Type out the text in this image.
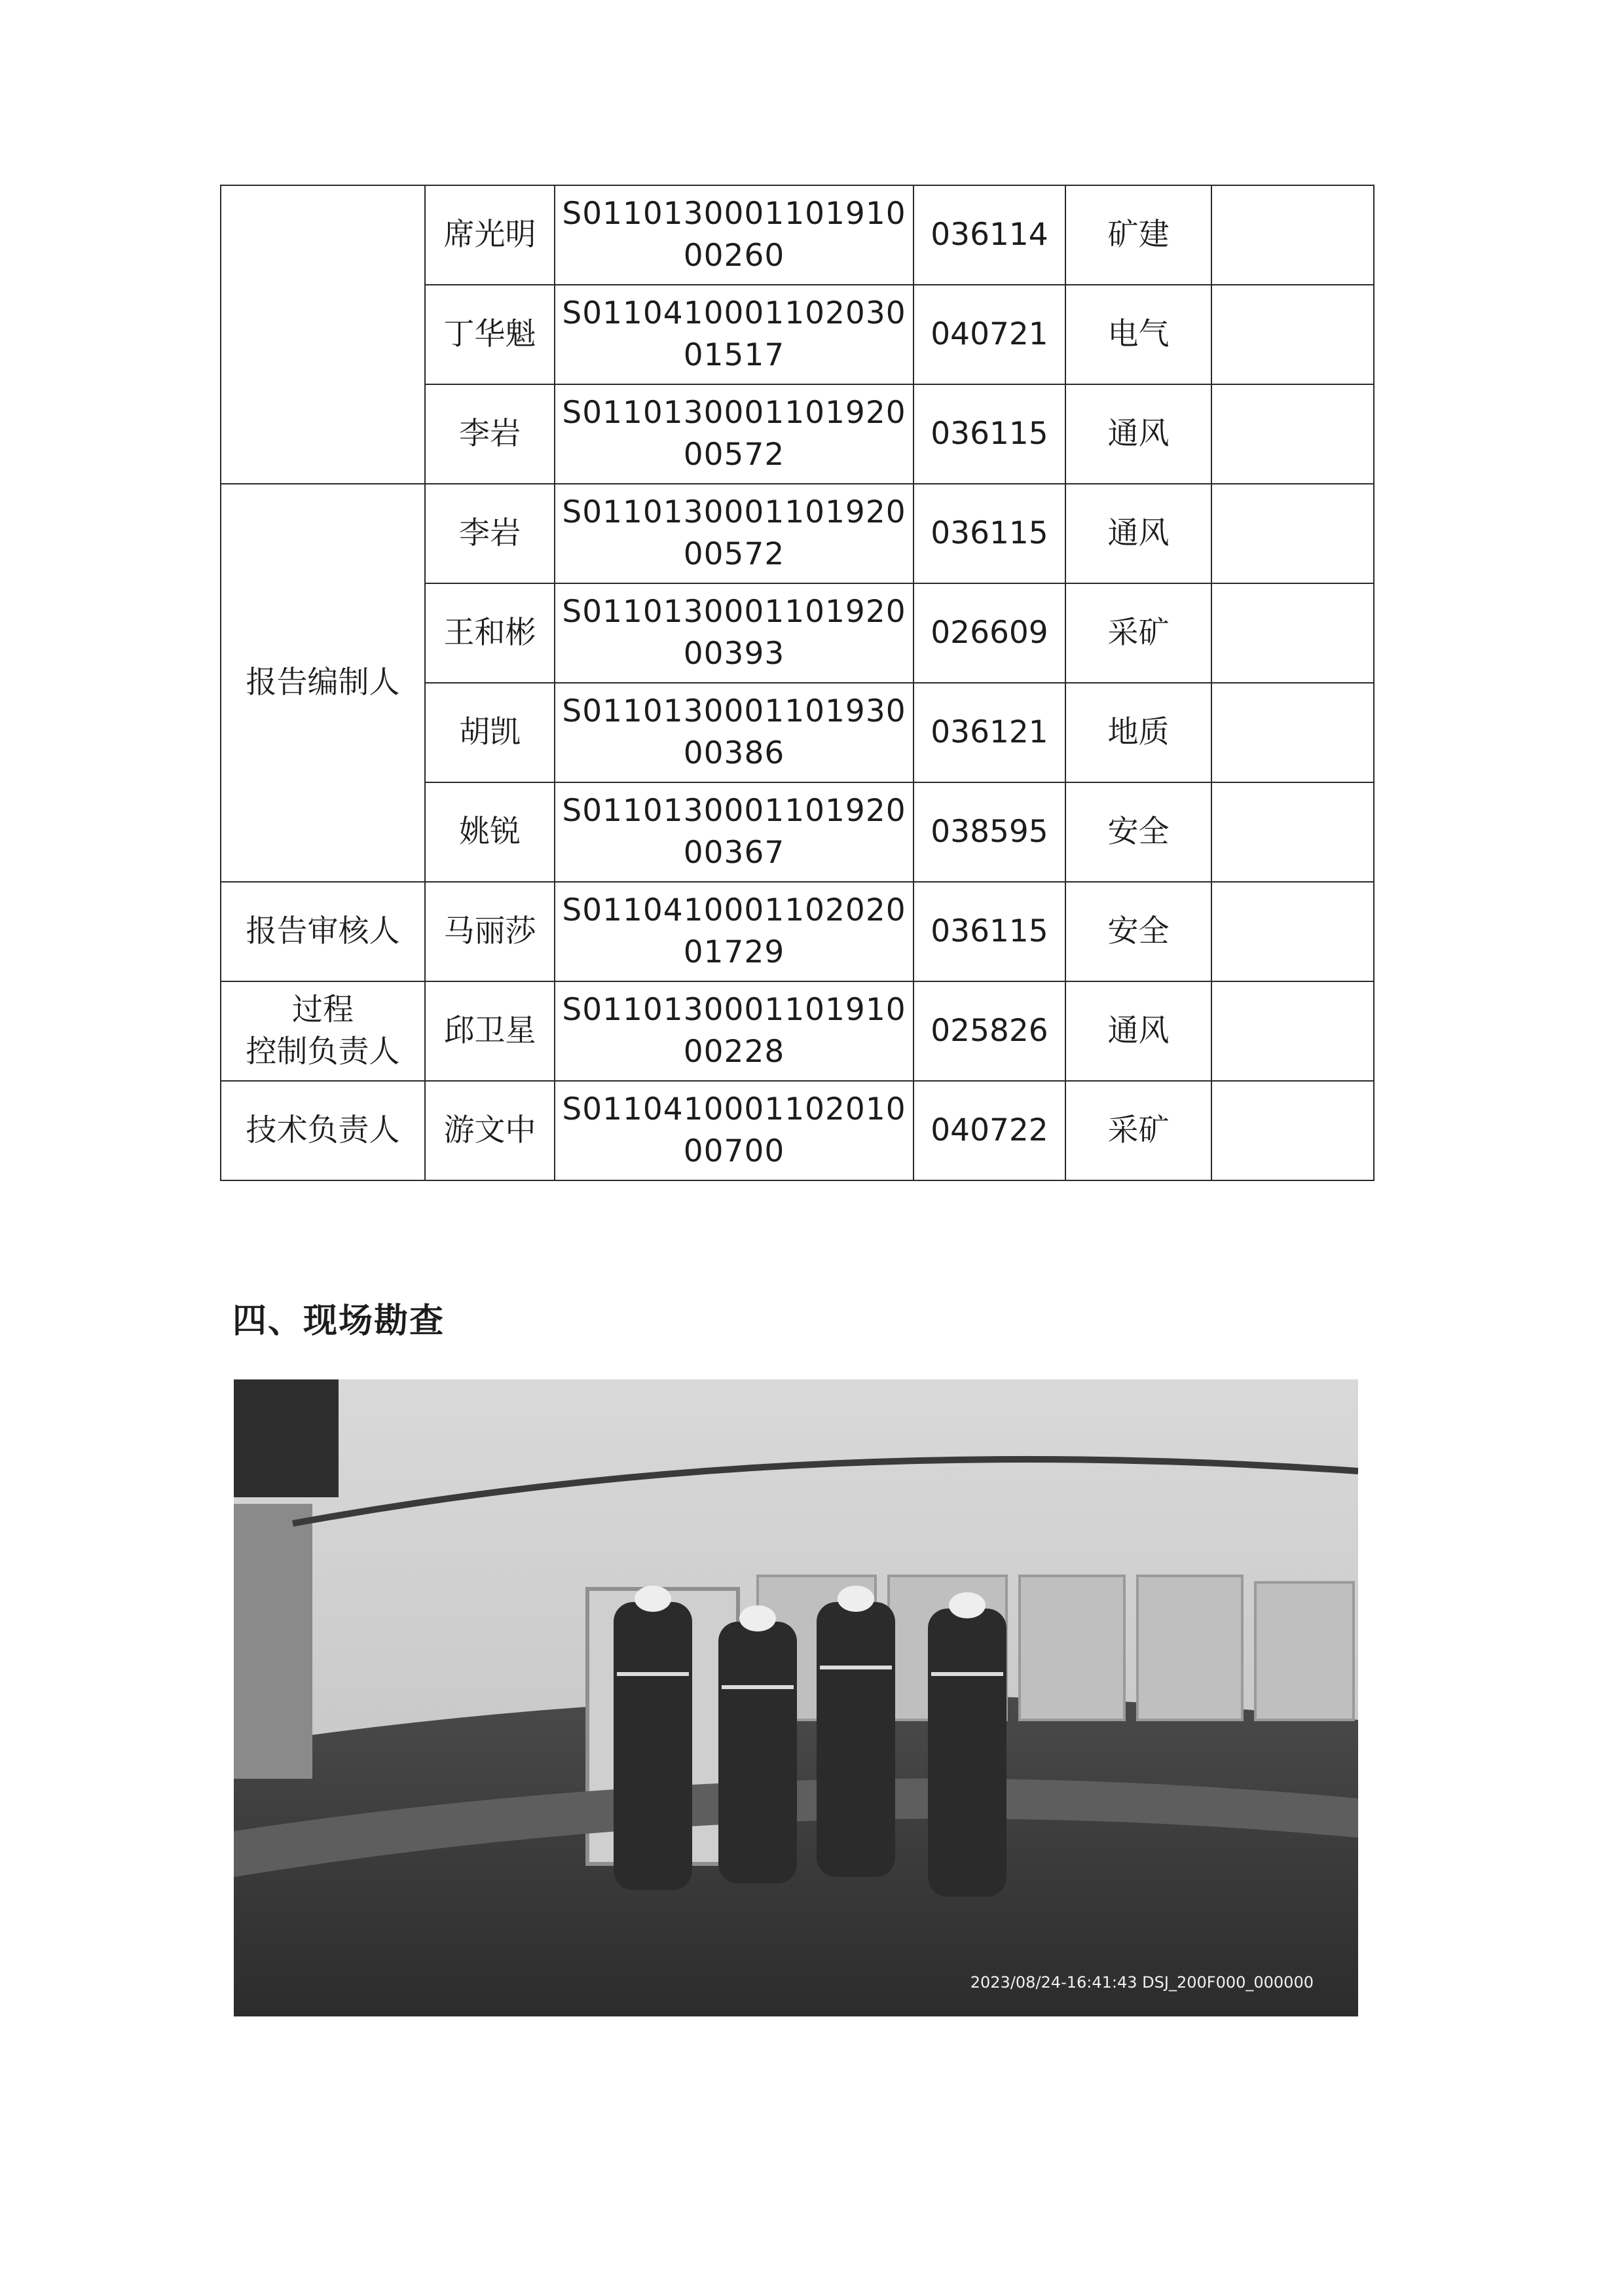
	席光明	S011013000110191000260	036114	矿建	
	丁华魁	S011041000110203001517	040721	电气	
	李岩	S011013000110192000572	036115	通风	
报告编制人	李岩	S011013000110192000572	036115	通风	
	王和彬	S011013000110192000393	026609	采矿	
	胡凯	S011013000110193000386	036121	地质	
	姚锐	S011013000110192000367	038595	安全	
报告审核人	马丽莎	S011041000110202001729	036115	安全	

过程
控制负责人	邱卫星	S011013000110191000228	025826	通风	
技术负责人	游文中	S011041000110201000700	040722	采矿	
四、现场勘查
2023/08/24-16:41:43 DSJ_200F000_000000
